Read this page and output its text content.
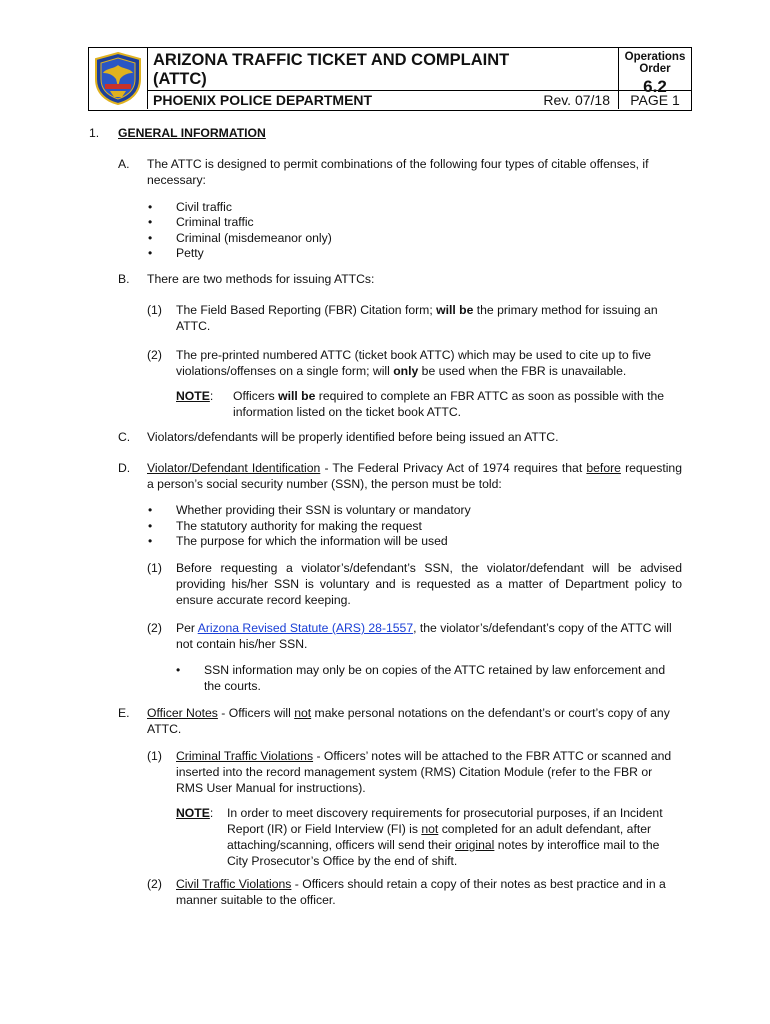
ARIZONA TRAFFIC TICKET AND COMPLAINT
(ATTC)
Operations Order
6.2
PHOENIX POLICE DEPARTMENT	Rev. 07/18	PAGE 1
1. GENERAL INFORMATION
A. The ATTC is designed to permit combinations of the following four types of citable offenses, if necessary:

• Civil traffic
• Criminal traffic
• Criminal (misdemeanor only)
• Petty
B. There are two methods for issuing ATTCs:

(1) The Field Based Reporting (FBR) Citation form; will be the primary method for issuing an ATTC.

(2) The pre-printed numbered ATTC (ticket book ATTC) which may be used to cite up to five violations/offenses on a single form; will only be used when the FBR is unavailable.

NOTE: Officers will be required to complete an FBR ATTC as soon as possible with the information listed on the ticket book ATTC.

C. Violators/defendants will be properly identified before being issued an ATTC.

D. Violator/Defendant Identification - The Federal Privacy Act of 1974 requires that before requesting a person’s social security number (SSN), the person must be told:

• Whether providing their SSN is voluntary or mandatory
• The statutory authority for making the request
• The purpose for which the information will be used
(1) Before requesting a violator’s/defendant’s SSN, the violator/defendant will be advised providing his/her SSN is voluntary and is requested as a matter of Department policy to ensure accurate record keeping.

(2) Per Arizona Revised Statute (ARS) 28-1557, the violator’s/defendant’s copy of the ATTC will not contain his/her SSN.

• SSN information may only be on copies of the ATTC retained by law enforcement and the courts.

E. Officer Notes - Officers will not make personal notations on the defendant’s or court’s copy of any ATTC.

(1) Criminal Traffic Violations - Officers’ notes will be attached to the FBR ATTC or scanned and inserted into the record management system (RMS) Citation Module (refer to the FBR or RMS User Manual for instructions).

NOTE: In order to meet discovery requirements for prosecutorial purposes, if an Incident Report (IR) or Field Interview (FI) is not completed for an adult defendant, after attaching/scanning, officers will send their original notes by interoffice mail to the City Prosecutor’s Office by the end of shift.

(2) Civil Traffic Violations - Officers should retain a copy of their notes as best practice and in a manner suitable to the officer.
